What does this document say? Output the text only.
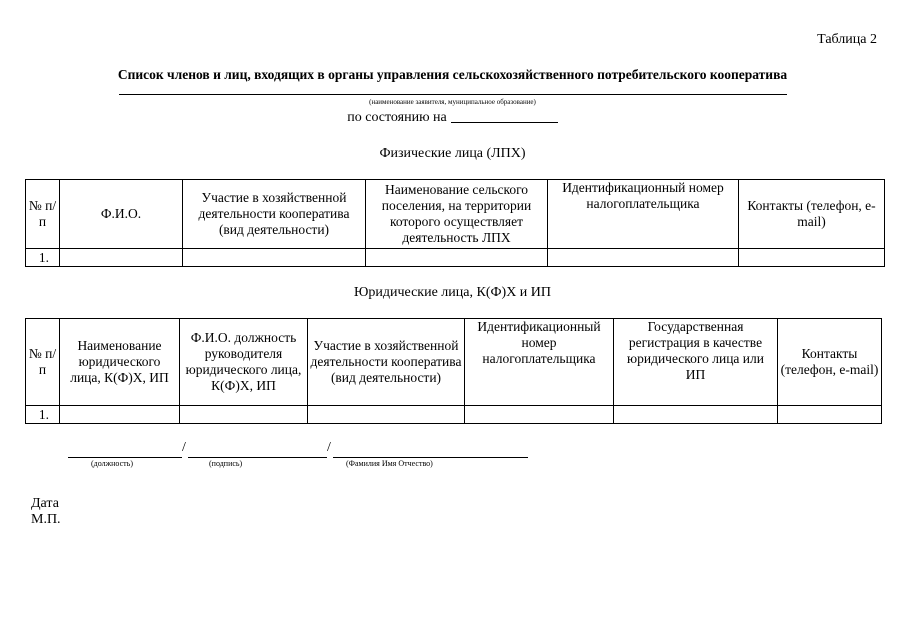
Таблица 2
Список членов и лиц, входящих в органы управления сельскохозяйственного потребительского кооператива
(наименование заявителя, муниципальное образование)
по состоянию на
Физические лица (ЛПХ)
№ п/п	Ф.И.О.	Участие в хозяйственной деятельности кооператива (вид деятельности)	Наименование сельского поселения, на территории которого осуществляет деятельность ЛПХ	Идентификационный номер налогоплательщика	Контакты (телефон, e-mail)
1.					
Юридические лица, К(Ф)Х и ИП
№ п/п	Наименование юридического лица, К(Ф)Х, ИП	Ф.И.О. должность руководителя юридического лица, К(Ф)Х, ИП	Участие в хозяйственной деятельности кооператива (вид деятельности)	Идентификационный номер налогоплательщика	Государственная регистрация в качестве юридического лица или ИП	Контакты (телефон, e-mail)
1.						
/	/
(должность)	(подпись)	(Фамилия Имя Отчество)
Дата
М.П.
